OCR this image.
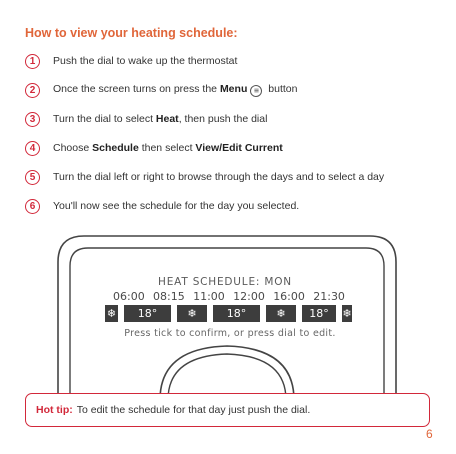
How to view your heating schedule:
1	Push the dial to wake up the thermostat
2	Once the screen turns on press the Menu
button
3	Turn the dial to select Heat, then push the dial
4	Choose Schedule then select View/Edit Current
5	Turn the dial left or right to browse through the days and to select a day
6	You'll now see the schedule for the day you selected.
HEAT SCHEDULE: MON
06:00 08:15 11:00 12:00 16:00 21:30
❄	18°	❄	18°	❄	18°	❄
Press tick to confirm, or press dial to edit.
Hot tip: To edit the schedule for that day just push the dial.
6
